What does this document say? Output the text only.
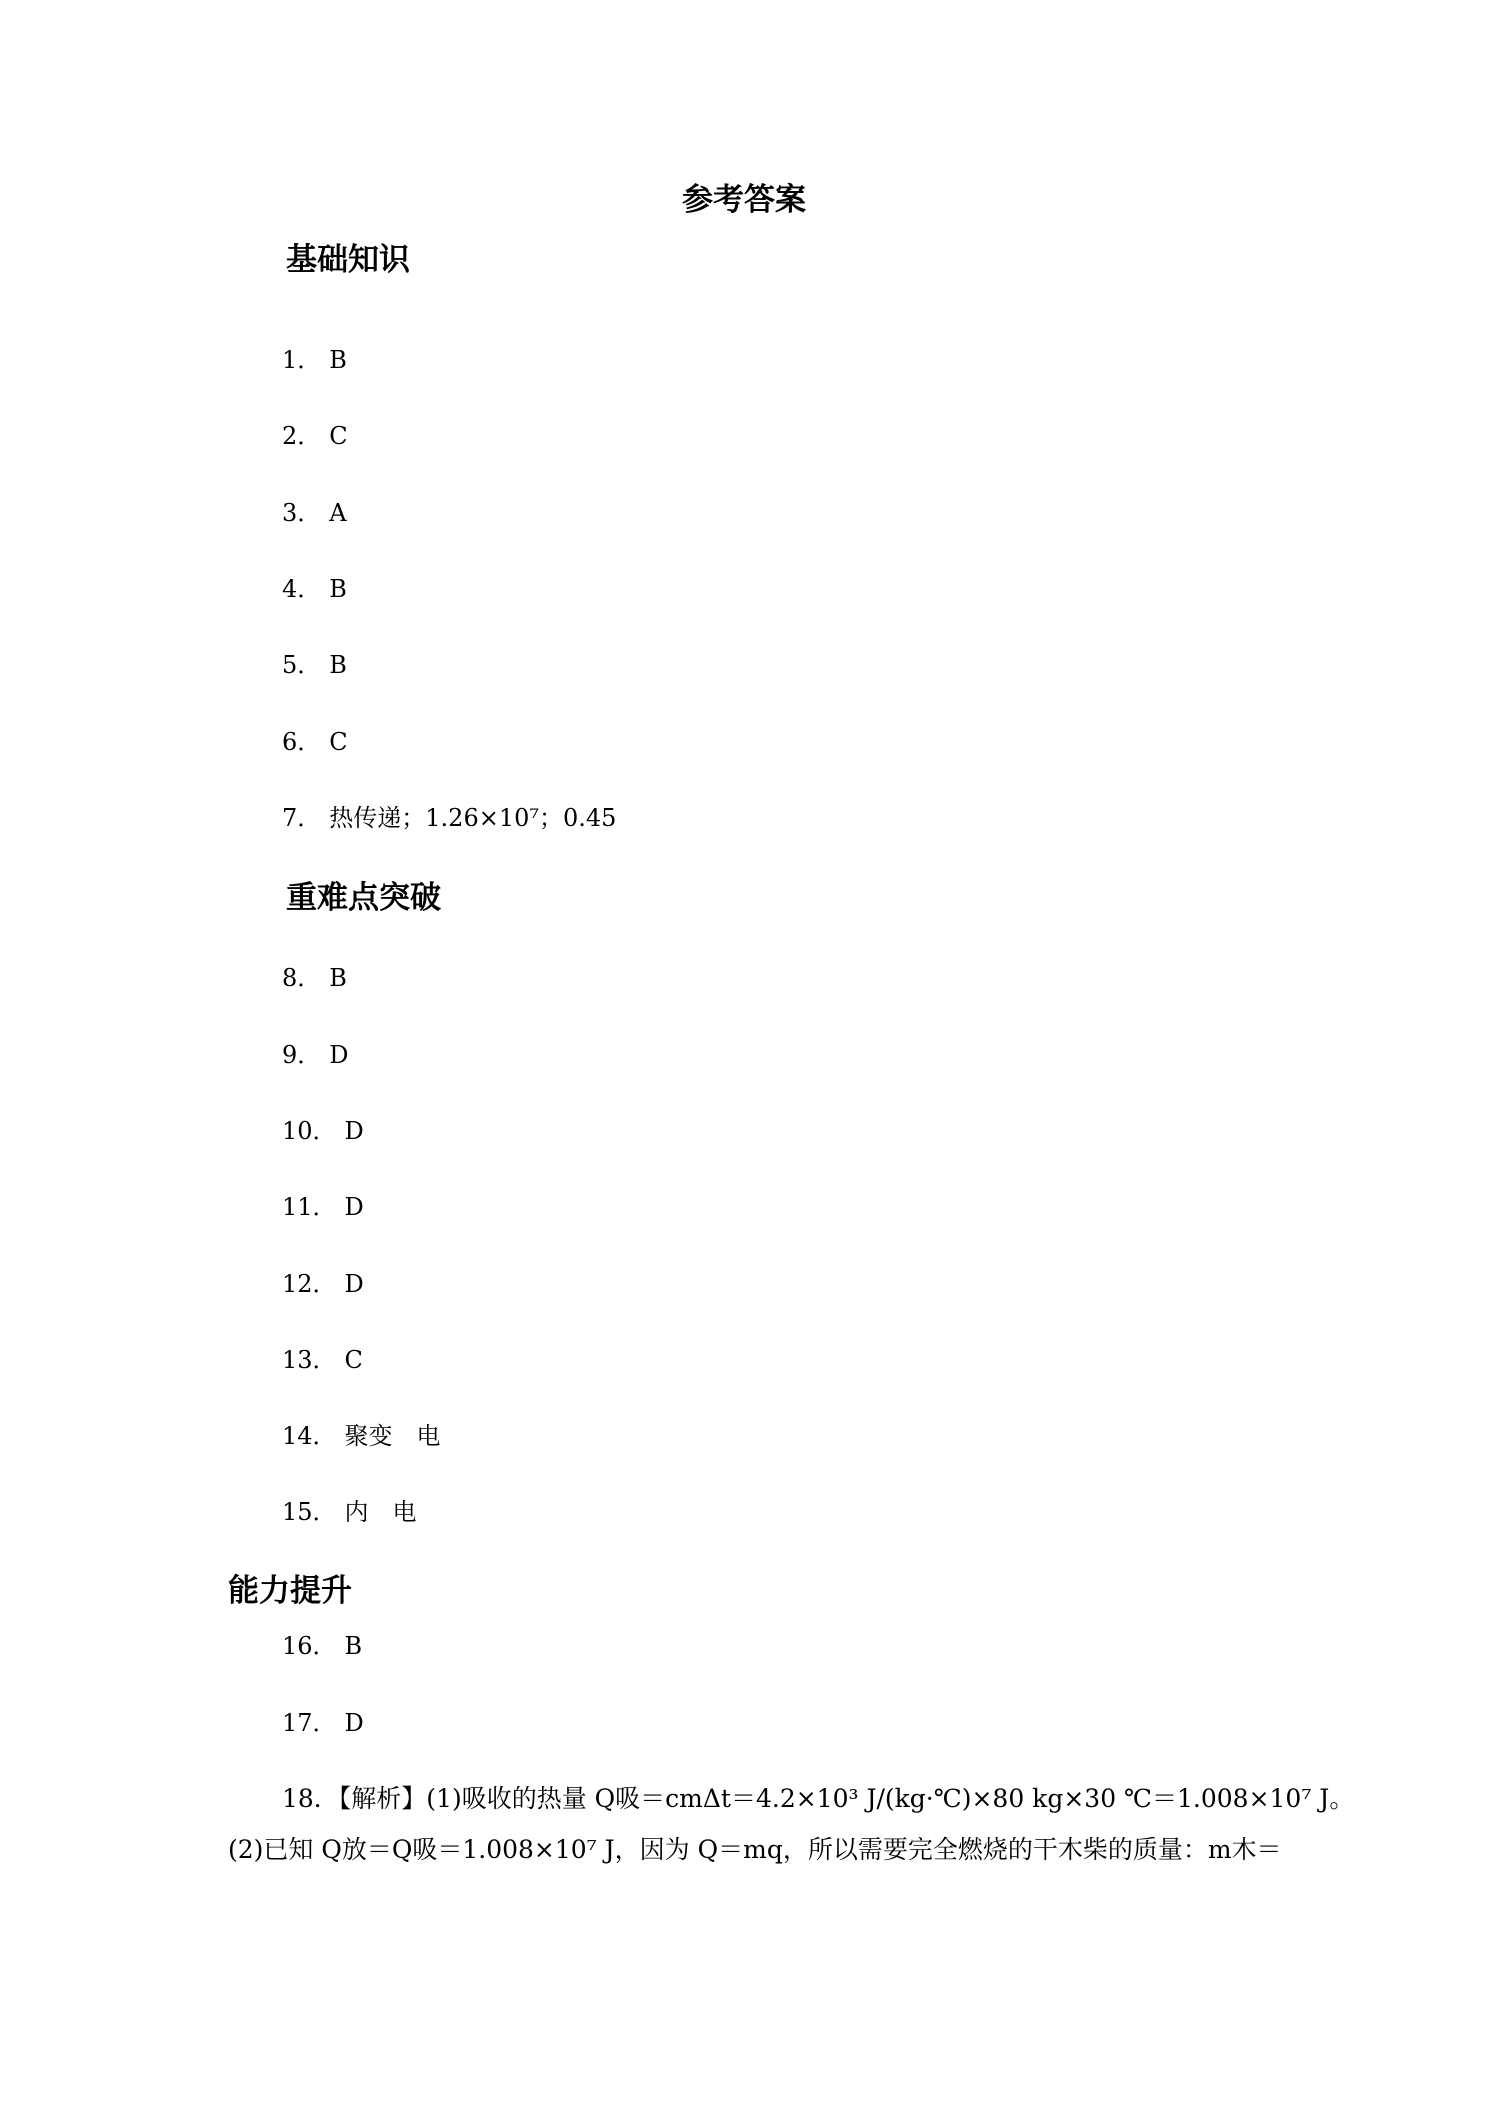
参考答案
基础知识
1． B
2． C
3． A
4． B
5． B
6． C
7． 热传递；1.26×10⁷；0.45
重难点突破
8． B
9． D
10． D
11． D
12． D
13． C
14． 聚变　电
15． 内　电
能力提升
16． B
17． D
18．【解析】(1)吸收的热量 Q吸＝cmΔt＝4.2×10³ J/(kg·℃)×80 kg×30 ℃＝1.008×10⁷ J。
(2)已知 Q放＝Q吸＝1.008×10⁷ J，因为 Q＝mq，所以需要完全燃烧的干木柴的质量：m木＝
